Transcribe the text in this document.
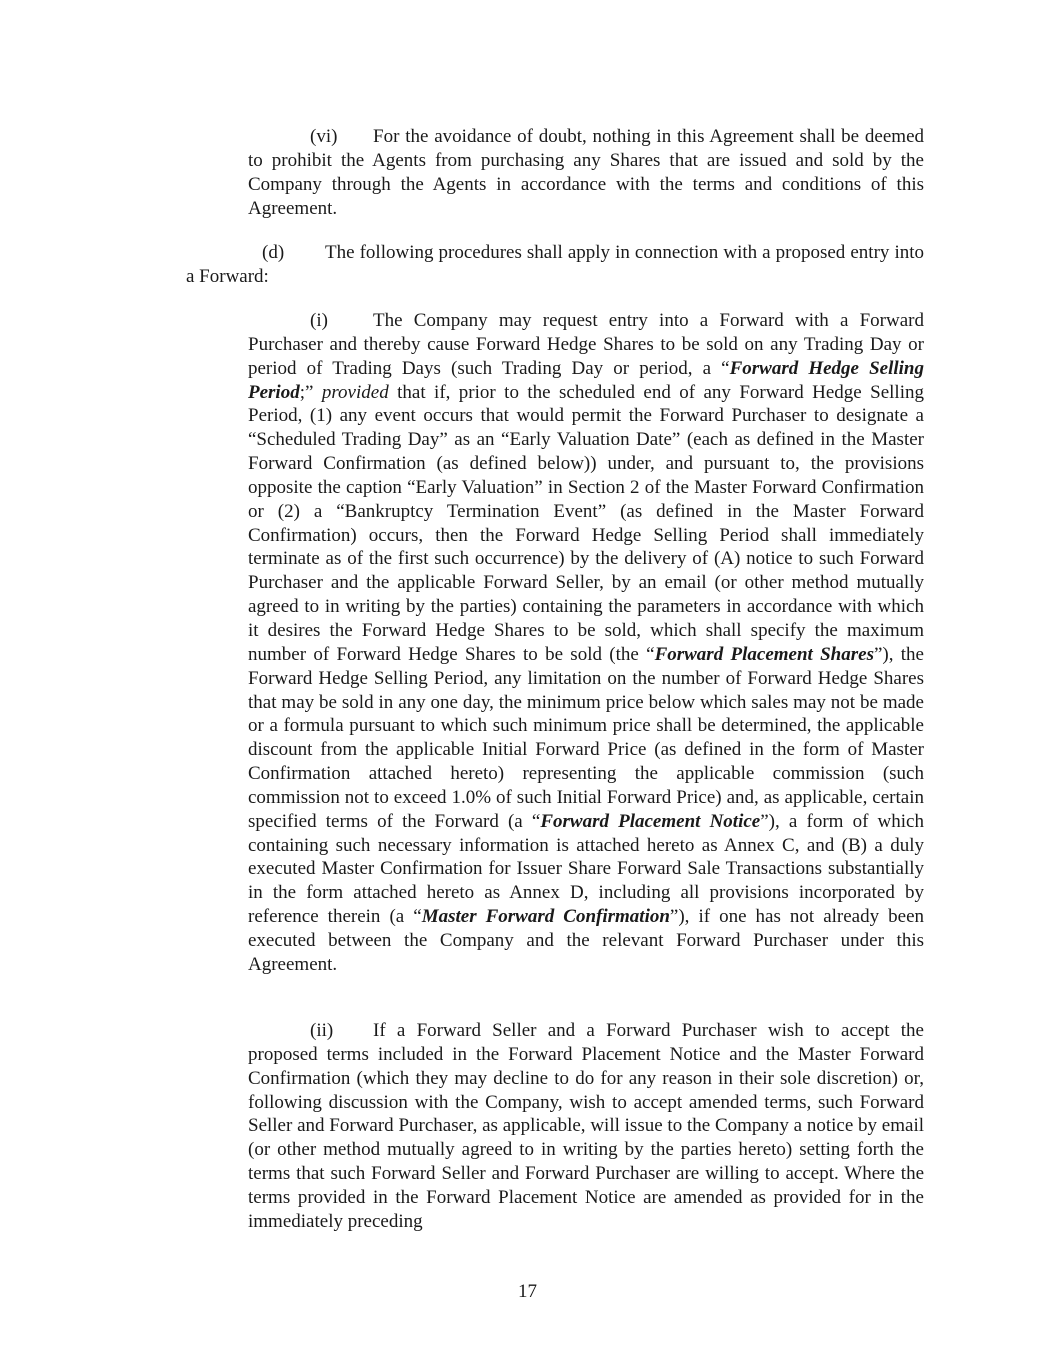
(vi) For the avoidance of doubt, nothing in this Agreement shall be deemed to prohibit the Agents from purchasing any Shares that are issued and sold by the Company through the Agents in accordance with the terms and conditions of this Agreement.

(d) The following procedures shall apply in connection with a proposed entry into a Forward:

(i) The Company may request entry into a Forward with a Forward Purchaser and thereby cause Forward Hedge Shares to be sold on any Trading Day or period of Trading Days (such Trading Day or period, a “Forward Hedge Selling Period;” provided that if, prior to the scheduled end of any Forward Hedge Selling Period, (1) any event occurs that would permit the Forward Purchaser to designate a “Scheduled Trading Day” as an “Early Valuation Date” (each as defined in the Master Forward Confirmation (as defined below)) under, and pursuant to, the provisions opposite the caption “Early Valuation” in Section 2 of the Master Forward Confirmation or (2) a “Bankruptcy Termination Event” (as defined in the Master Forward Confirmation) occurs, then the Forward Hedge Selling Period shall immediately terminate as of the first such occurrence) by the delivery of (A) notice to such Forward Purchaser and the applicable Forward Seller, by an email (or other method mutually agreed to in writing by the parties) containing the parameters in accordance with which it desires the Forward Hedge Shares to be sold, which shall specify the maximum number of Forward Hedge Shares to be sold (the “Forward Placement Shares”), the Forward Hedge Selling Period, any limitation on the number of Forward Hedge Shares that may be sold in any one day, the minimum price below which sales may not be made or a formula pursuant to which such minimum price shall be determined, the applicable discount from the applicable Initial Forward Price (as defined in the form of Master Confirmation attached hereto) representing the applicable commission (such commission not to exceed 1.0% of such Initial Forward Price) and, as applicable, certain specified terms of the Forward (a “Forward Placement Notice”), a form of which containing such necessary information is attached hereto as Annex C, and (B) a duly executed Master Confirmation for Issuer Share Forward Sale Transactions substantially in the form attached hereto as Annex D, including all provisions incorporated by reference therein (a “Master Forward Confirmation”), if one has not already been executed between the Company and the relevant Forward Purchaser under this Agreement.

(ii) If a Forward Seller and a Forward Purchaser wish to accept the proposed terms included in the Forward Placement Notice and the Master Forward Confirmation (which they may decline to do for any reason in their sole discretion) or, following discussion with the Company, wish to accept amended terms, such Forward Seller and Forward Purchaser, as applicable, will issue to the Company a notice by email (or other method mutually agreed to in writing by the parties hereto) setting forth the terms that such Forward Seller and Forward Purchaser are willing to accept. Where the terms provided in the Forward Placement Notice are amended as provided for in the immediately preceding

17
